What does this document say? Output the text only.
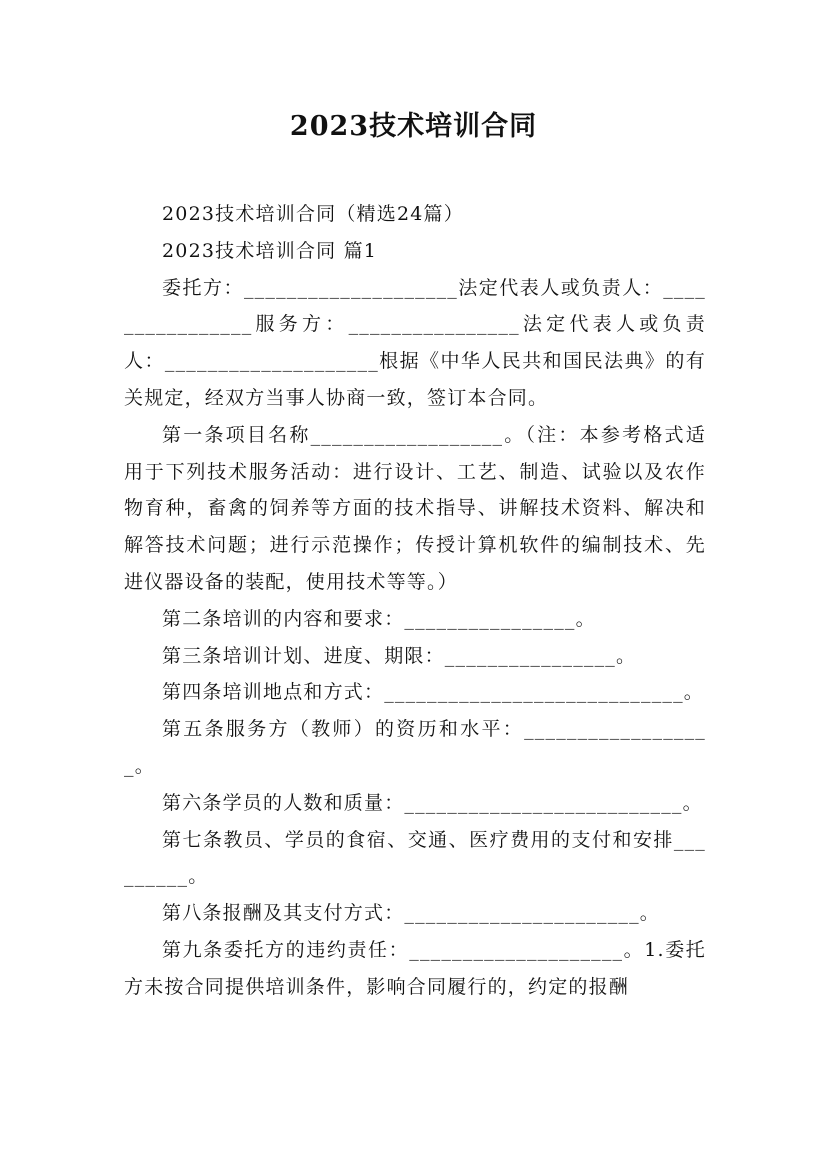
2023技术培训合同

2023技术培训合同（精选24篇）

2023技术培训合同 篇1

委托方：____________________法定代表人或负责人：________________服务方：________________法定代表人或负责人：____________________根据《中华人民共和国民法典》的有关规定，经双方当事人协商一致，签订本合同。

第一条项目名称__________________。（注：本参考格式适用于下列技术服务活动：进行设计、工艺、制造、试验以及农作物育种，畜禽的饲养等方面的技术指导、讲解技术资料、解决和解答技术问题；进行示范操作；传授计算机软件的编制技术、先进仪器设备的装配，使用技术等等。）

第二条培训的内容和要求：________________。

第三条培训计划、进度、期限：________________。

第四条培训地点和方式：____________________________。

第五条服务方（教师）的资历和水平：__________________。

第六条学员的人数和质量：__________________________。

第七条教员、学员的食宿、交通、医疗费用的支付和安排_________。

第八条报酬及其支付方式：______________________。

第九条委托方的违约责任：____________________。1.委托方未按合同提供培训条件，影响合同履行的，约定的报酬
